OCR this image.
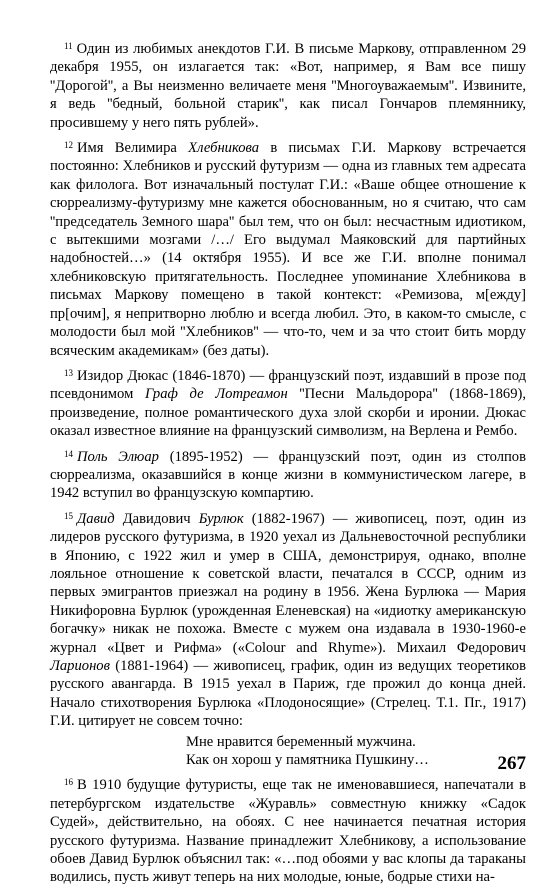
$^{11}$ Один из любимых анекдотов Г.И. В письме Маркову, отправленном 29 декабря 1955, он излагается так: «Вот, например, я Вам все пишу ''Дорогой'', а Вы неизменно величаете меня ''Многоуважаемым''. Извините, я ведь ''бедный, больной старик'', как писал Гончаров племяннику, просившему у него пять рублей».

$^{12}$ Имя Велимира Хлебникова в письмах Г.И. Маркову встречается постоянно: Хлебников и русский футуризм — одна из главных тем адресата как филолога. Вот изначальный постулат Г.И.: «Ваше общее отношение к сюрреализму-футуризму мне кажется обоснованным, но я считаю, что сам ''председатель Земного шара'' был тем, что он был: несчастным идиотиком, с вытекшими мозгами /…/ Его выдумал Маяковский для партийных надобностей…» (14 октября 1955). И все же Г.И. вполне понимал хлебниковскую притягательность. Последнее упоминание Хлебникова в письмах Маркову помещено в такой контекст: «Ремизова, м[ежду] пр[очим], я непритворно люблю и всегда любил. Это, в каком-то смысле, с молодости был мой ''Хлебников'' — что-то, чем и за что стоит бить морду всяческим академикам» (без даты).

$^{13}$ Изидор Дюкас (1846-1870) — французский поэт, издавший в прозе под псевдонимом Граф де Лотреамон ''Песни Мальдорора'' (1868-1869), произведение, полное романтического духа злой скорби и иронии. Дюкас оказал известное влияние на французский символизм, на Верлена и Рембо.

$^{14}$ Поль Элюар (1895-1952) — французский поэт, один из столпов сюрреализма, оказавшийся в конце жизни в коммунистическом лагере, в 1942 вступил во французскую компартию.

$^{15}$ Давид Давидович Бурлюк (1882-1967) — живописец, поэт, один из лидеров русского футуризма, в 1920 уехал из Дальневосточной республики в Японию, с 1922 жил и умер в США, демонстрируя, однако, вполне лояльное отношение к советской власти, печатался в СССР, одним из первых эмигрантов приезжал на родину в 1956. Жена Бурлюка — Мария Никифоровна Бурлюк (урожденная Еленевская) на «идиотку американскую богачку» никак не похожа. Вместе с мужем она издавала в 1930-1960-е журнал «Цвет и Рифма» («Colour and Rhyme»). Михаил Федорович Ларионов (1881-1964) — живописец, график, один из ведущих теоретиков русского авангарда. В 1915 уехал в Париж, где прожил до конца дней. Начало стихотворения Бурлюка «Плодоносящие» (Стрелец. Т.1. Пг., 1917) Г.И. цитирует не совсем точно:
Мне нравится беременный мужчина.
Как он хорош у памятника Пушкину…

$^{16}$ В 1910 будущие футуристы, еще так не именовавшиеся, напечатали в петербургском издательстве «Журавль» совместную книжку «Садок Судей», действительно, на обоях. С нее начинается печатная история русского футуризма. Название принадлежит Хлебникову, а использование обоев Давид Бурлюк объяснил так: «…под обоями у вас клопы да тараканы водились, пусть живут теперь на них молодые, юные, бодрые стихи на-

267
